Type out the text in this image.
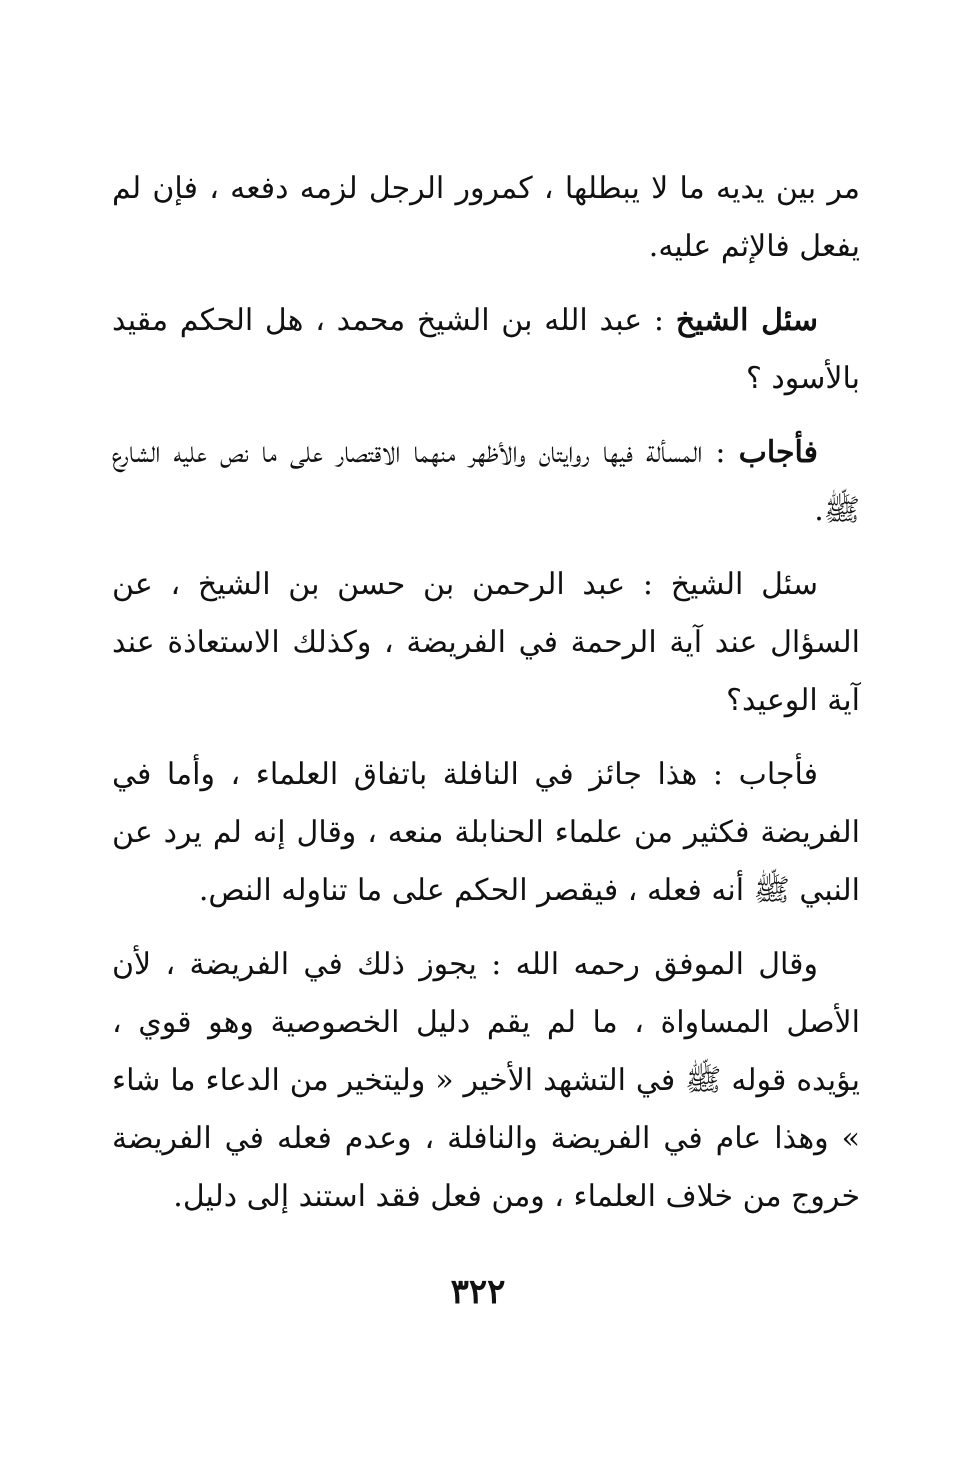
مر بين يديه ما لا يبطلها ، كمرور الرجل لزمه دفعه ، فإن لم يفعل فالإثم عليه.

سئل الشيخ : عبد الله بن الشيخ محمد ، هل الحكم مقيد بالأسود ؟

فأجاب : المسألة فيها روايتان والأظهر منهما الاقتصار على ما نص عليه الشارع ﷺ.

سئل الشيخ : عبد الرحمن بن حسن بن الشيخ ، عن السؤال عند آية الرحمة في الفريضة ، وكذلك الاستعاذة عند آية الوعيد؟

فأجاب : هذا جائز في النافلة باتفاق العلماء ، وأما في الفريضة فكثير من علماء الحنابلة منعه ، وقال إنه لم يرد عن النبي ﷺ أنه فعله ، فيقصر الحكم على ما تناوله النص.

وقال الموفق رحمه الله : يجوز ذلك في الفريضة ، لأن الأصل المساواة ، ما لم يقم دليل الخصوصية وهو قوي ، يؤيده قوله ﷺ في التشهد الأخير « وليتخير من الدعاء ما شاء » وهذا عام في الفريضة والنافلة ، وعدم فعله في الفريضة خروج من خلاف العلماء ، ومن فعل فقد استند إلى دليل.

٣٢٢
